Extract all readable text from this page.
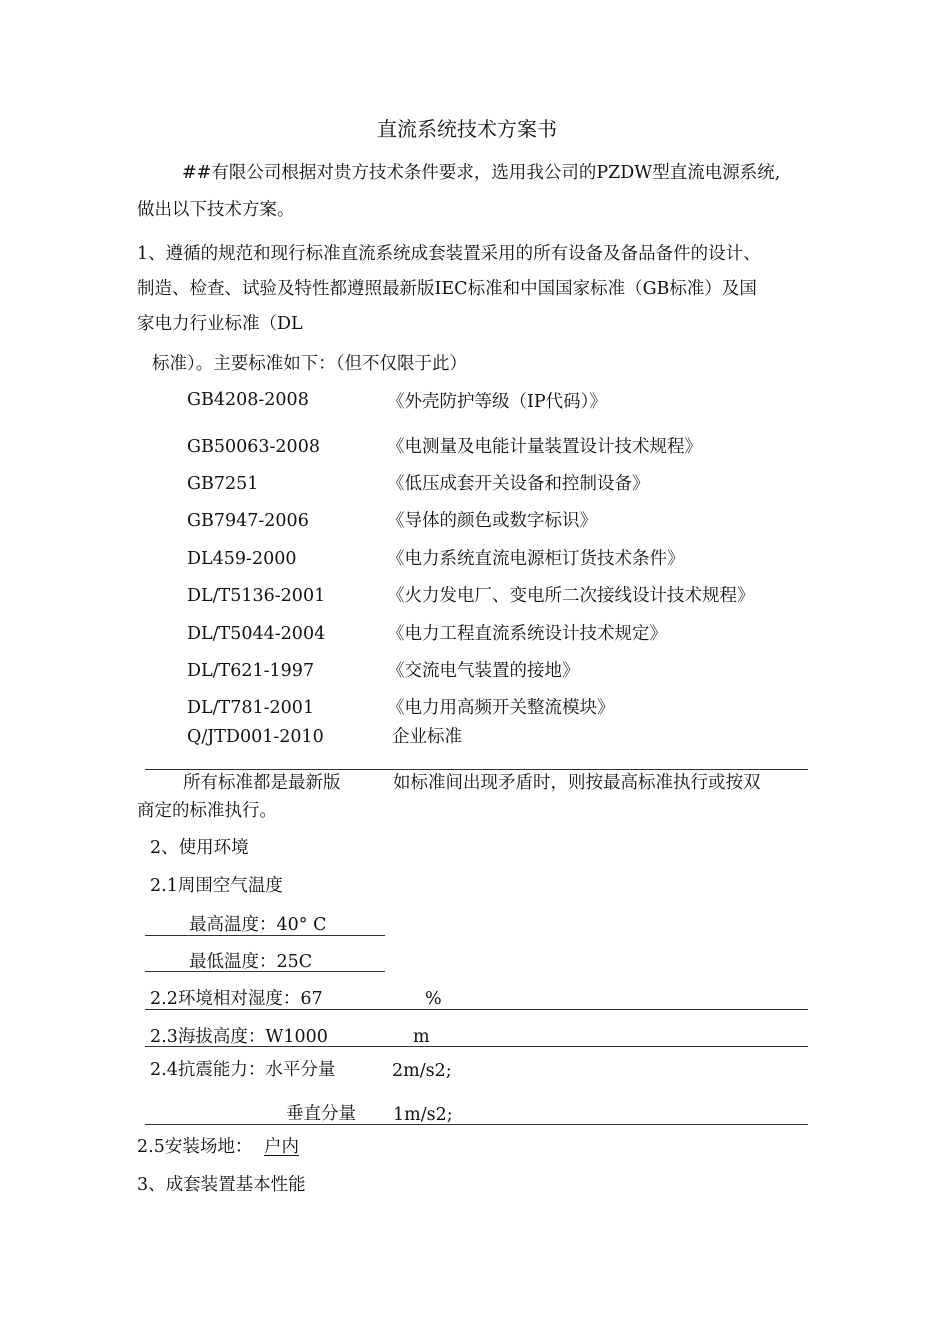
直流系统技术方案书
##有限公司根据对贵方技术条件要求，选用我公司的PZDW型直流电源系统,
做出以下技术方案。
1、遵循的规范和现行标准直流系统成套装置采用的所有设备及备品备件的设计、
制造、检查、试验及特性都遵照最新版IEC标准和中国国家标准（GB标准）及国
家电力行业标准（DL
标准）。主要标准如下：（但不仅限于此）
GB4208-2008	《外壳防护等级（IP代码）》
GB50063-2008	《电测量及电能计量装置设计技术规程》
GB7251	《低压成套开关设备和控制设备》
GB7947-2006	《导体的颜色或数字标识》
DL459-2000	《电力系统直流电源柜订货技术条件》
DL/T5136-2001	《火力发电厂、变电所二次接线设计技术规程》
DL/T5044-2004	《电力工程直流系统设计技术规定》
DL/T621-1997	《交流电气装置的接地》
DL/T781-2001	《电力用高频开关整流模块》
Q/JTD001-2010	企业标准
所有标准都是最新版	如标准间出现矛盾时，则按最高标准执行或按双
商定的标准执行。
2、使用环境
2.1周围空气温度
最高温度：40° C
最低温度：25C
2.2环境相对湿度：67	%
2.3海拔高度：W1000	m
2.4抗震能力：水平分量	2m/s2;
垂直分量 1m/s2;
2.5安装场地： 户内
3、成套装置基本性能
